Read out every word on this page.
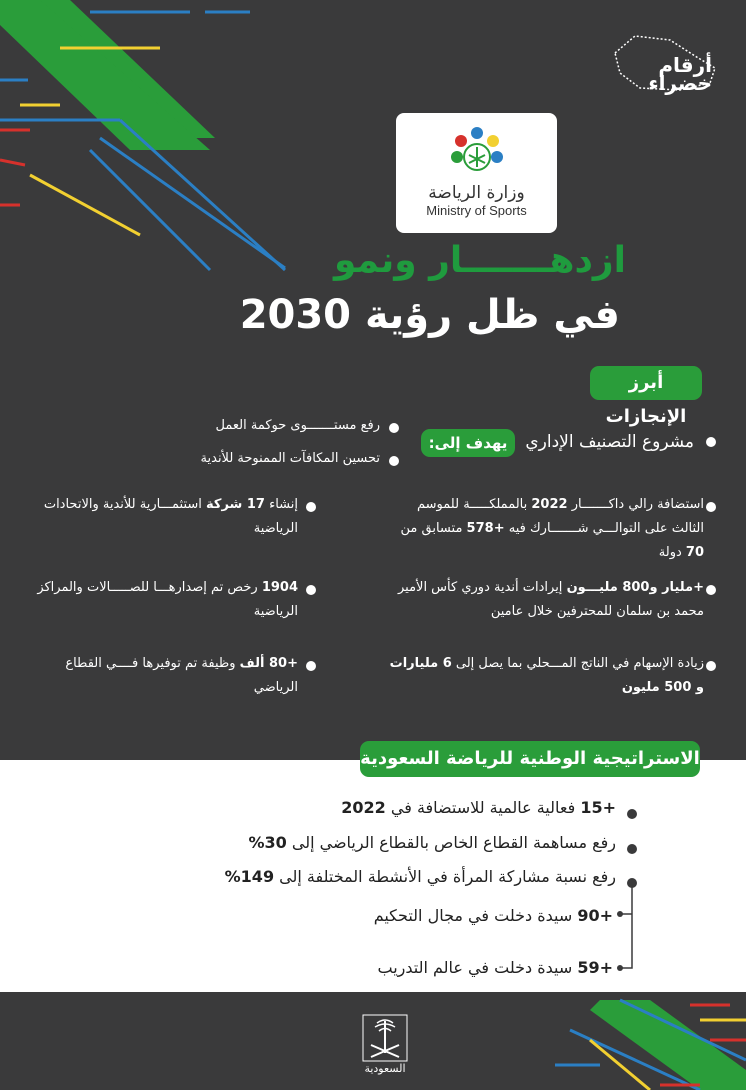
أرقام خضراء
وزارة الرياضة
Ministry of Sports
ازدهـــــــار ونمو
في ظل رؤية 2030
أبرز الإنجازات
مشروع التصنيف الإداري
يهدف إلى:
رفع مستـــــــوى حوكمة العمل
تحسين المكافآت الممنوحة للأندية
استضافة رالي داكـــــــار 2022 بالمملكـــــة للموسم الثالث على التوالـــي شـــــــارك فيه +578 متسابق من 70 دولة
+مليار و800 مليـــون إيرادات أندية دوري كأس الأمير محمد بن سلمان للمحترفين خلال عامين
زيادة الإسهام في الناتج المـــحلي بما يصل إلى 6 مليارات و 500 مليون
إنشاء 17 شركة استثمـــارية للأندية والاتحادات الرياضية
1904 رخص تم إصدارهـــا للصـــــالات والمراكز الرياضية
+80 ألف وظيفة تم توفيرها فــــي القطاع الرياضي
الاستراتيجية الوطنية للرياضة السعودية
+15 فعالية عالمية للاستضافة في 2022
رفع مساهمة القطاع الخاص بالقطاع الرياضي إلى 30%
رفع نسبة مشاركة المرأة في الأنشطة المختلفة إلى 149%
+90 سيدة دخلت في مجال التحكيم
+59 سيدة دخلت في عالم التدريب
السعودية
